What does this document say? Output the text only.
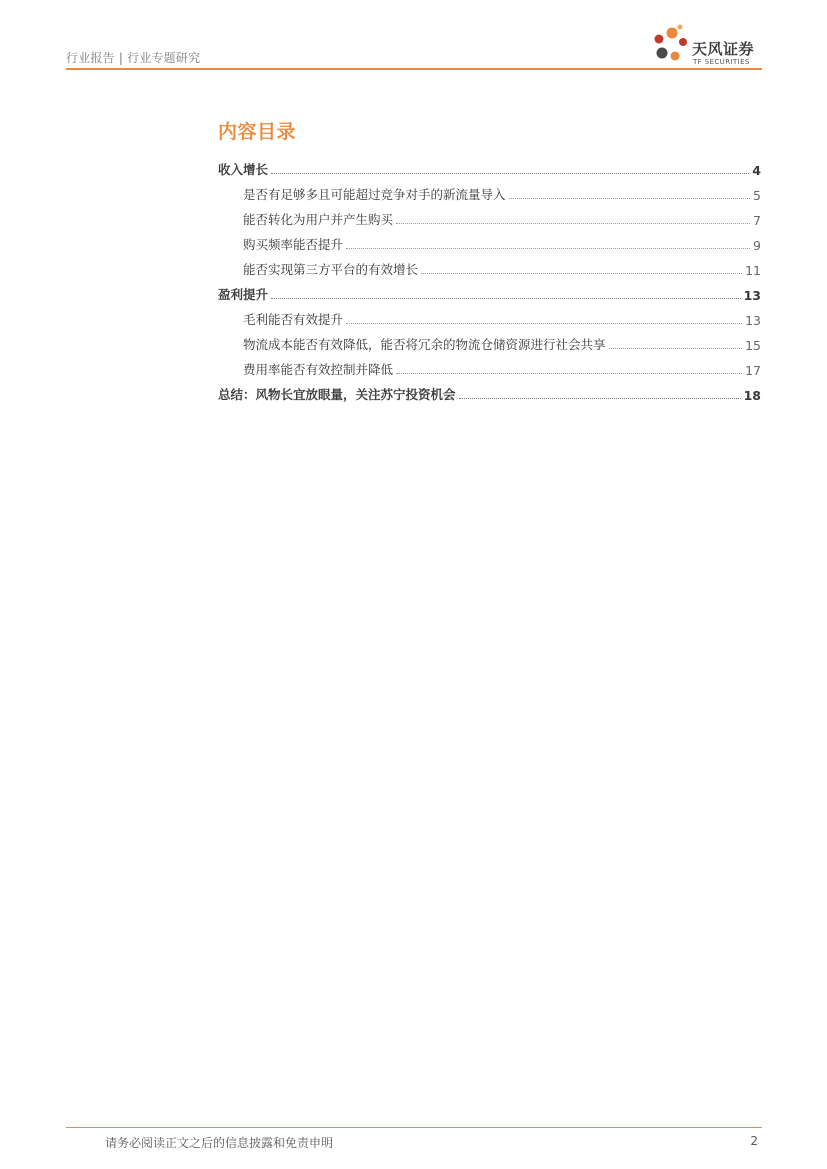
行业报告 | 行业专题研究	天风证券
TF SECURITIES
内容目录
收入增长	4
是否有足够多且可能超过竞争对手的新流量导入	5
能否转化为用户并产生购买	7
购买频率能否提升	9
能否实现第三方平台的有效增长	11
盈利提升	13
毛利能否有效提升	13
物流成本能否有效降低，能否将冗余的物流仓储资源进行社会共享	15
费用率能否有效控制并降低	17
总结：风物长宜放眼量，关注苏宁投资机会	18
请务必阅读正文之后的信息披露和免责申明	2
